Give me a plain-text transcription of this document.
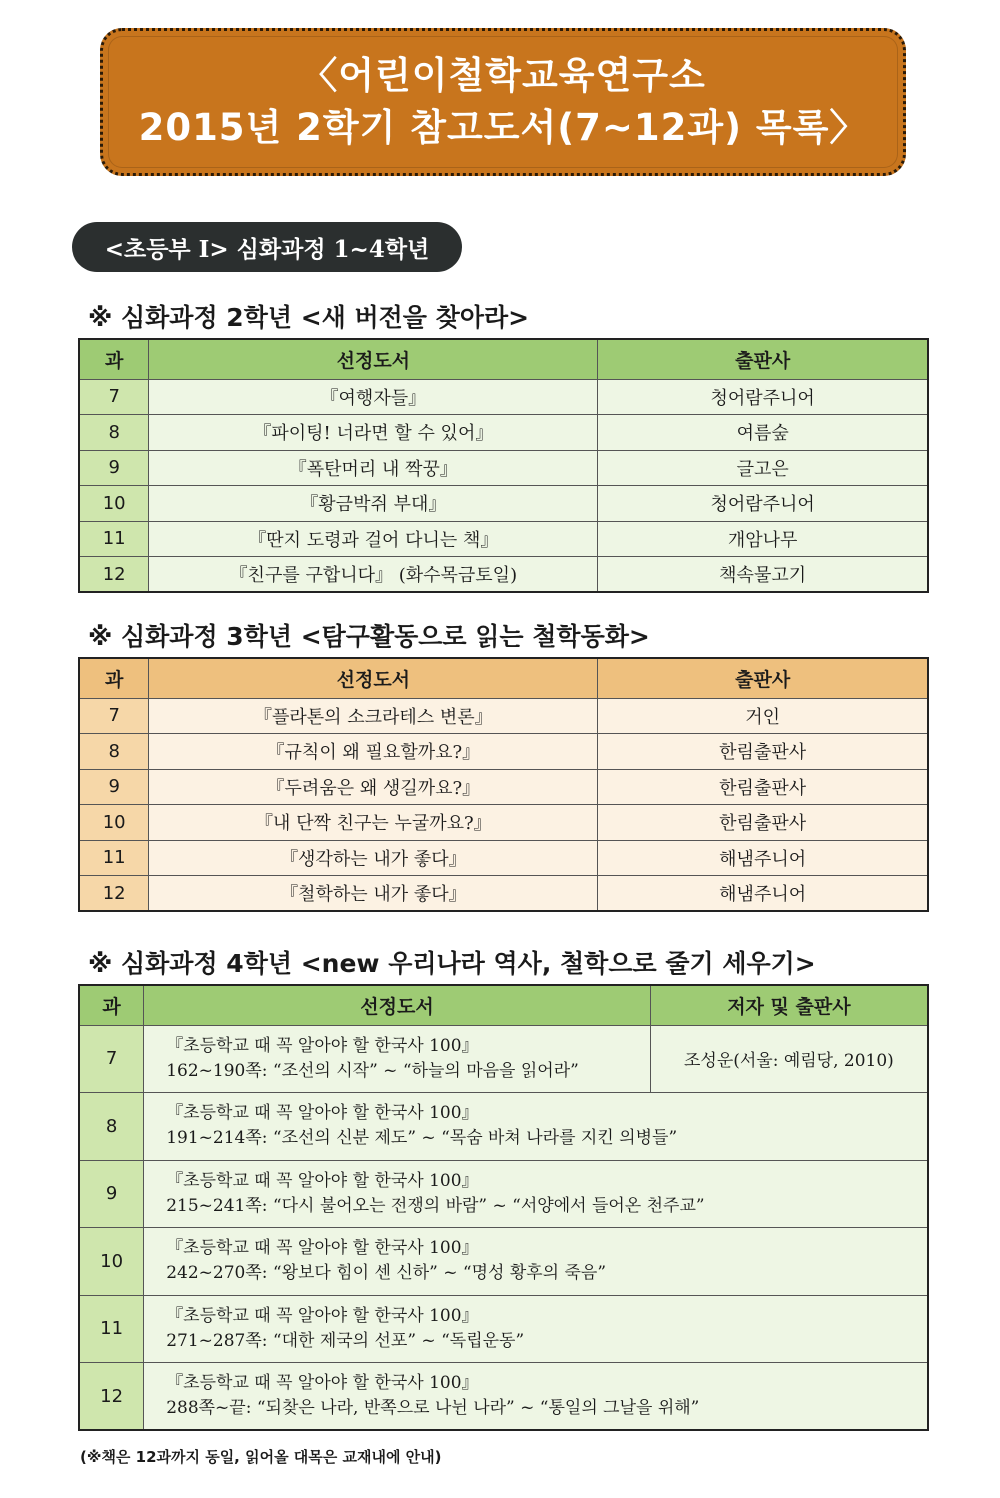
〈어린이철학교육연구소
2015년 2학기 참고도서(7~12과) 목록〉
<초등부 Ⅰ> 심화과정 1~4학년
※ 심화과정 2학년 <새 버전을 찾아라>
과	선정도서	출판사
7	『여행자들』	청어람주니어
8	『파이팅! 너라면 할 수 있어』	여름숲
9	『폭탄머리 내 짝꿍』	글고은
10	『황금박쥐 부대』	청어람주니어
11	『딴지 도령과 걸어 다니는 책』	개암나무
12	『친구를 구합니다』 (화수목금토일)	책속물고기
※ 심화과정 3학년 <탐구활동으로 읽는 철학동화>
과	선정도서	출판사
7	『플라톤의 소크라테스 변론』	거인
8	『규칙이 왜 필요할까요?』	한림출판사
9	『두려움은 왜 생길까요?』	한림출판사
10	『내 단짝 친구는 누굴까요?』	한림출판사
11	『생각하는 내가 좋다』	해냄주니어
12	『철학하는 내가 좋다』	해냄주니어
※ 심화과정 4학년 <new 우리나라 역사, 철학으로 줄기 세우기>
과	선정도서	저자 및 출판사
7	『초등학교 때 꼭 알아야 할 한국사 100』
162~190쪽: “조선의 시작” ~ “하늘의 마음을 읽어라”	조성운(서울: 예림당, 2010)
8	『초등학교 때 꼭 알아야 할 한국사 100』
191~214쪽: “조선의 신분 제도” ~ “목숨 바쳐 나라를 지킨 의병들”	

9	『초등학교 때 꼭 알아야 할 한국사 100』
215~241쪽: “다시 불어오는 전쟁의 바람” ~ “서양에서 들어온 천주교”	

10	『초등학교 때 꼭 알아야 할 한국사 100』
242~270쪽: “왕보다 힘이 센 신하” ~ “명성 황후의 죽음”	

11	『초등학교 때 꼭 알아야 할 한국사 100』
271~287쪽: “대한 제국의 선포” ~ “독립운동”	

12	『초등학교 때 꼭 알아야 할 한국사 100』
288쪽~끝: “되찾은 나라, 반쪽으로 나뉜 나라” ~ “통일의 그날을 위해”	
(※책은 12과까지 동일, 읽어올 대목은 교재내에 안내)
